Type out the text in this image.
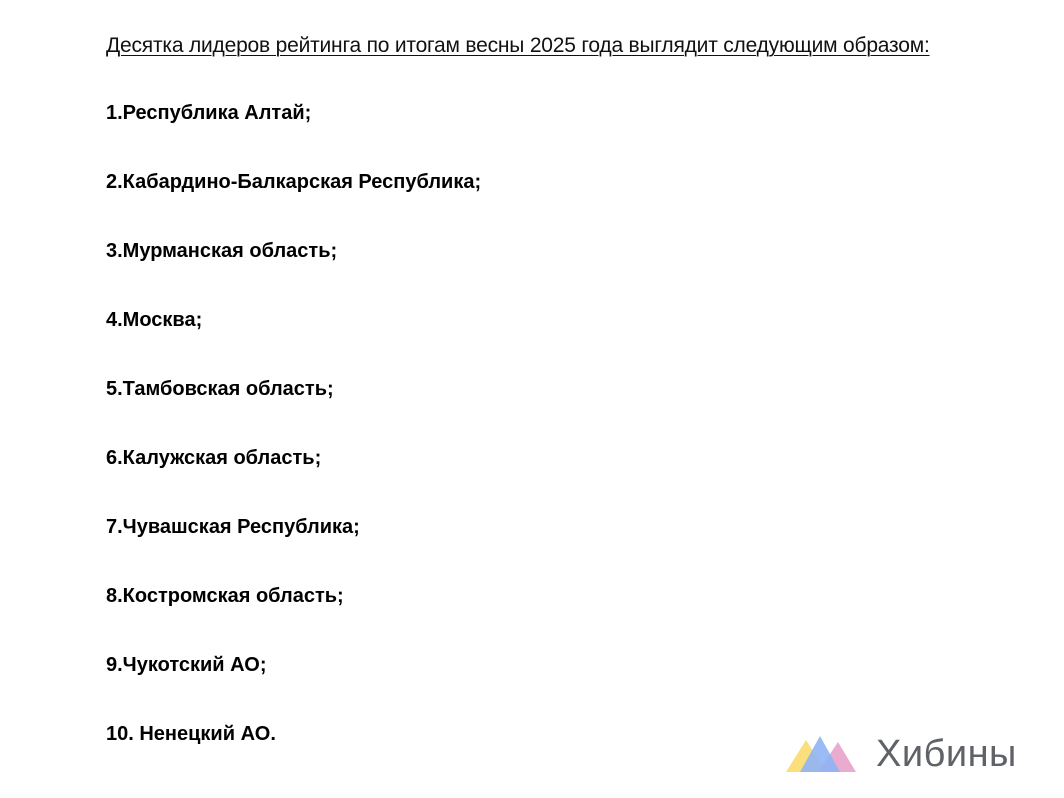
Десятка лидеров рейтинга по итогам весны 2025 года выглядит следующим образом:
1.Республика Алтай;
2.Кабардино-Балкарская Республика;
3.Мурманская область;
4.Москва;
5.Тамбовская область;
6.Калужская область;
7.Чувашская Республика;
8.Костромская область;
9.Чукотский АО;
10. Ненецкий АО.	Хибины
